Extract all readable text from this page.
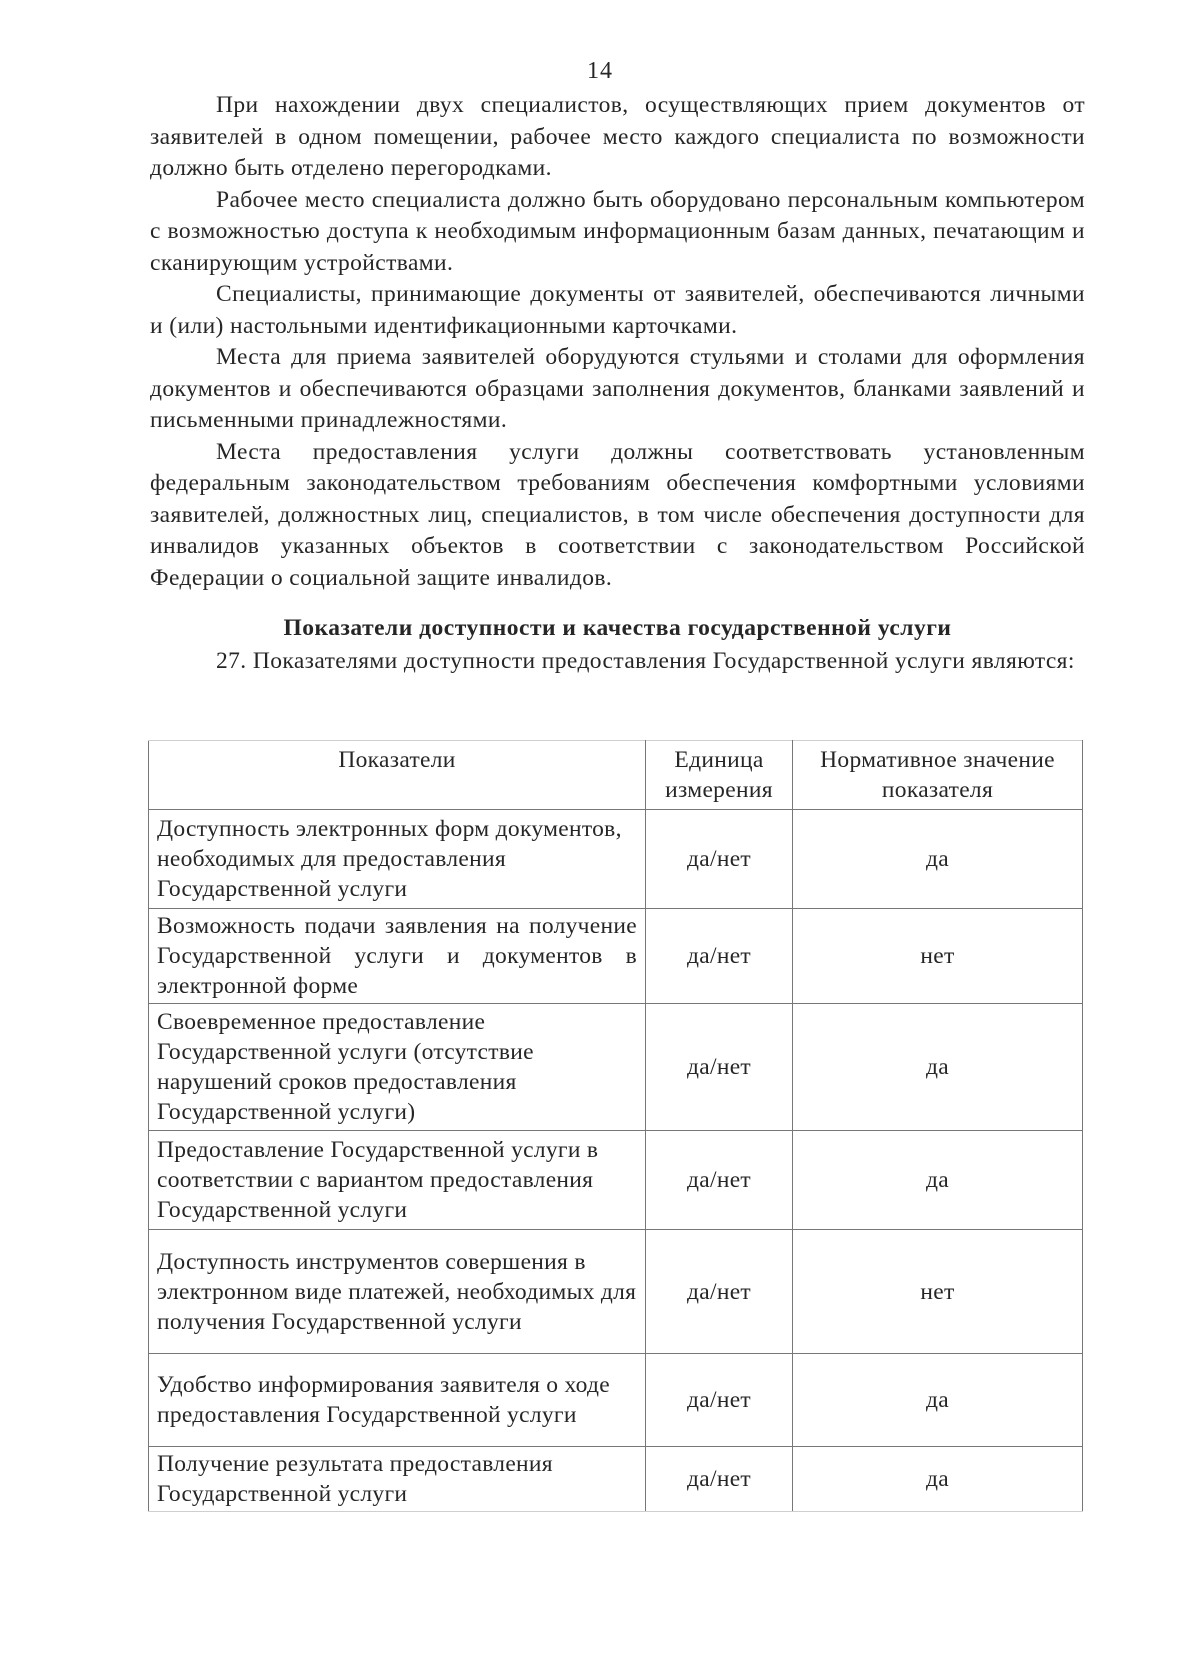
14

При нахождении двух специалистов, осуществляющих прием документов от заявителей в одном помещении, рабочее место каждого специалиста по возможности должно быть отделено перегородками.

Рабочее место специалиста должно быть оборудовано персональным компьютером с возможностью доступа к необходимым информационным базам данных, печатающим и сканирующим устройствами.

Специалисты, принимающие документы от заявителей, обеспечиваются личными и (или) настольными идентификационными карточками.

Места для приема заявителей оборудуются стульями и столами для оформления документов и обеспечиваются образцами заполнения документов, бланками заявлений и письменными принадлежностями.

Места предоставления услуги должны соответствовать установленным федеральным законодательством требованиям обеспечения комфортными условиями заявителей, должностных лиц, специалистов, в том числе обеспечения доступности для инвалидов указанных объектов в соответствии с законодательством Российской Федерации о социальной защите инвалидов.

Показатели доступности и качества государственной услуги

27. Показателями доступности предоставления Государственной услуги являются:

Показатели	Единица измерения	Нормативное значение показателя
Доступность электронных форм документов, необходимых для предоставления Государственной услуги	да/нет	да
Возможность подачи заявления на получение Государственной услуги и документов в электронной форме	да/нет	нет
Своевременное предоставление Государственной услуги (отсутствие нарушений сроков предоставления Государственной услуги)	да/нет	да
Предоставление Государственной услуги в соответствии с вариантом предоставления Государственной услуги	да/нет	да
Доступность инструментов совершения в электронном виде платежей, необходимых для получения Государственной услуги	да/нет	нет
Удобство информирования заявителя о ходе предоставления Государственной услуги	да/нет	да
Получение результата предоставления Государственной услуги	да/нет	да
